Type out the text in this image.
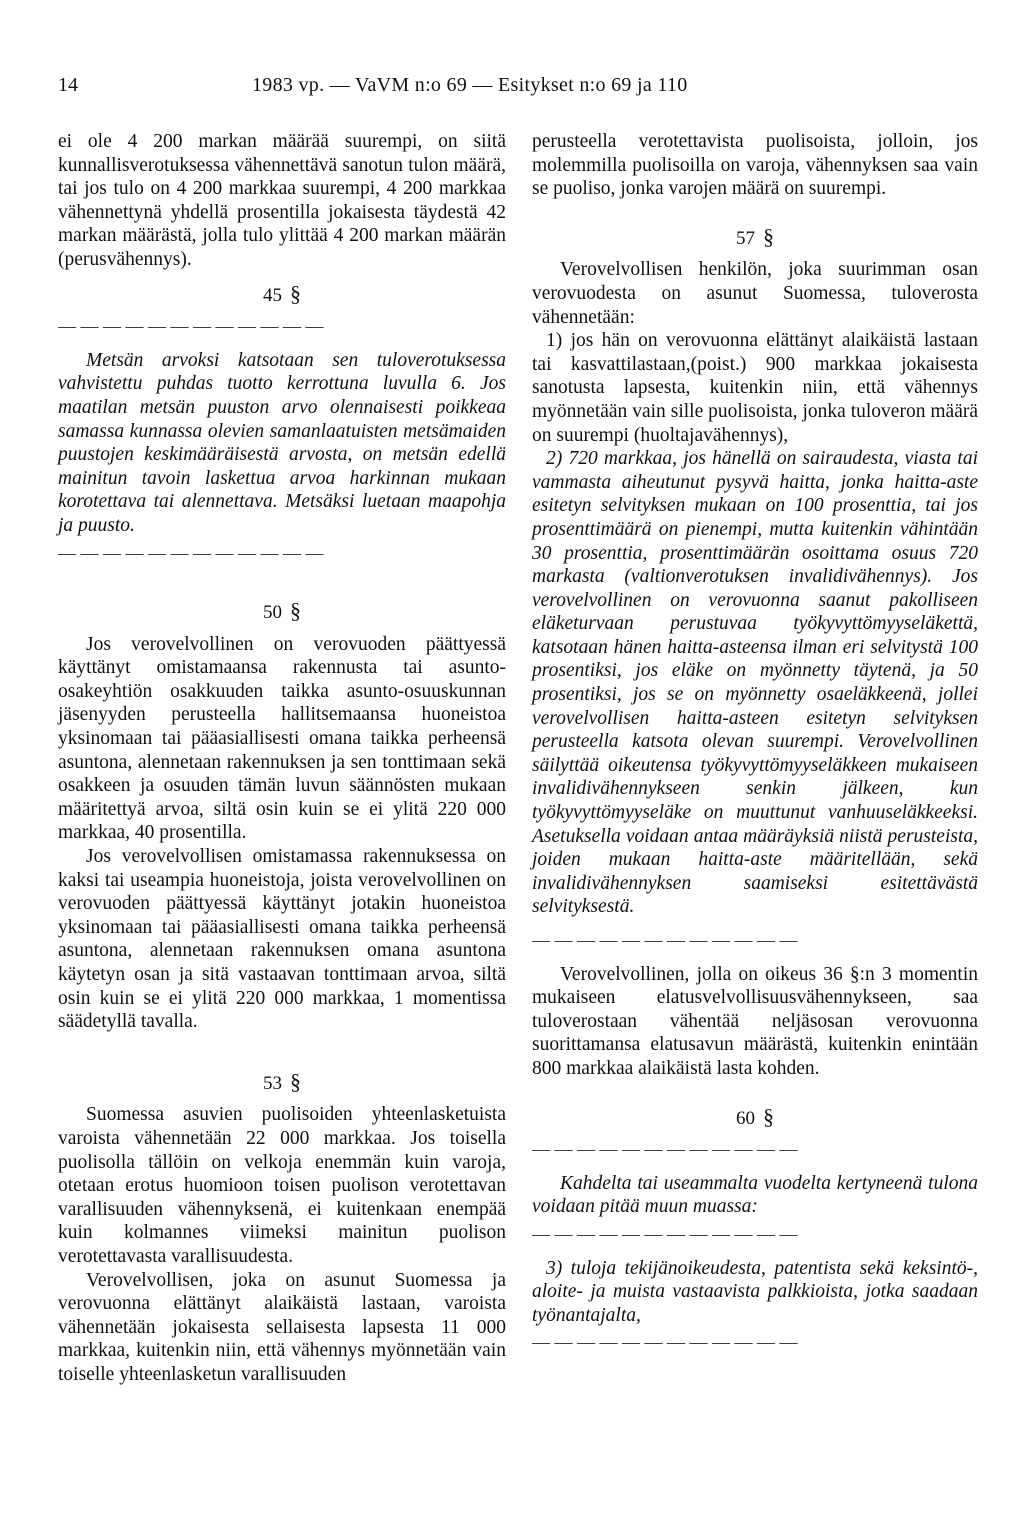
14	1983 vp. — VaVM n:o 69 — Esitykset n:o 69 ja 110

ei ole 4 200 markan määrää suurempi, on siitä kunnallisverotuksessa vähennettävä sanotun tulon määrä, tai jos tulo on 4 200 markkaa suurempi, 4 200 markkaa vähennettynä yhdellä prosentilla jokaisesta täydestä 42 markan määrästä, jolla tulo ylittää 4 200 markan määrän (perusvähennys).

45 §
— — — — — — — — — — — —

Metsän arvoksi katsotaan sen tuloverotuksessa vahvistettu puhdas tuotto kerrottuna luvulla 6. Jos maatilan metsän puuston arvo olennaisesti poikkeaa samassa kunnassa olevien samanlaatuisten metsämaiden puustojen keskimääräisestä arvosta, on metsän edellä mainitun tavoin laskettua arvoa harkinnan mukaan korotettava tai alennettava. Metsäksi luetaan maapohja ja puusto.

— — — — — — — — — — — —
50 §

Jos verovelvollinen on verovuoden päättyessä käyttänyt omistamaansa rakennusta tai asunto-osakeyhtiön osakkuuden taikka asunto-osuuskunnan jäsenyyden perusteella hallitsemaansa huoneistoa yksinomaan tai pääasiallisesti omana taikka perheensä asuntona, alennetaan rakennuksen ja sen tonttimaan sekä osakkeen ja osuuden tämän luvun säännösten mukaan määritettyä arvoa, siltä osin kuin se ei ylitä 220 000 markkaa, 40 prosentilla.

Jos verovelvollisen omistamassa rakennuksessa on kaksi tai useampia huoneistoja, joista verovelvollinen on verovuoden päättyessä käyttänyt jotakin huoneistoa yksinomaan tai pääasiallisesti omana taikka perheensä asuntona, alennetaan rakennuksen omana asuntona käytetyn osan ja sitä vastaavan tonttimaan arvoa, siltä osin kuin se ei ylitä 220 000 markkaa, 1 momentissa säädetyllä tavalla.

53 §

Suomessa asuvien puolisoiden yhteenlasketuista varoista vähennetään 22 000 markkaa. Jos toisella puolisolla tällöin on velkoja enemmän kuin varoja, otetaan erotus huomioon toisen puolison verotettavan varallisuuden vähennyksenä, ei kuitenkaan enempää kuin kolmannes viimeksi mainitun puolison verotettavasta varallisuudesta.

Verovelvollisen, joka on asunut Suomessa ja verovuonna elättänyt alaikäistä lastaan, varoista vähennetään jokaisesta sellaisesta lapsesta 11 000 markkaa, kuitenkin niin, että vähennys myönnetään vain toiselle yhteenlasketun varallisuuden

perusteella verotettavista puolisoista, jolloin, jos molemmilla puolisoilla on varoja, vähennyksen saa vain se puoliso, jonka varojen määrä on suurempi.

57 §

Verovelvollisen henkilön, joka suurimman osan verovuodesta on asunut Suomessa, tuloverosta vähennetään:

1) jos hän on verovuonna elättänyt alaikäistä lastaan tai kasvattilastaan,(poist.) 900 markkaa jokaisesta sanotusta lapsesta, kuitenkin niin, että vähennys myönnetään vain sille puolisoista, jonka tuloveron määrä on suurempi (huoltajavähennys),

2) 720 markkaa, jos hänellä on sairaudesta, viasta tai vammasta aiheutunut pysyvä haitta, jonka haitta-aste esitetyn selvityksen mukaan on 100 prosenttia, tai jos prosenttimäärä on pienempi, mutta kuitenkin vähintään 30 prosenttia, prosenttimäärän osoittama osuus 720 markasta (valtionverotuksen invalidivähennys). Jos verovelvollinen on verovuonna saanut pakolliseen eläketurvaan perustuvaa työkyvyttömyyseläkettä, katsotaan hänen haitta-asteensa ilman eri selvitystä 100 prosentiksi, jos eläke on myönnetty täytenä, ja 50 prosentiksi, jos se on myönnetty osaeläkkeenä, jollei verovelvollisen haitta-asteen esitetyn selvityksen perusteella katsota olevan suurempi. Verovelvollinen säilyttää oikeutensa työkyvyttömyyseläkkeen mukaiseen invalidivähennykseen senkin jälkeen, kun työkyvyttömyyseläke on muuttunut vanhuuseläkkeeksi. Asetuksella voidaan antaa määräyksiä niistä perusteista, joiden mukaan haitta-aste määritellään, sekä invalidivähennyksen saamiseksi esitettävästä selvityksestä.

— — — — — — — — — — — —

Verovelvollinen, jolla on oikeus 36 §:n 3 momentin mukaiseen elatusvelvollisuusvähennykseen, saa tuloverostaan vähentää neljäsosan verovuonna suorittamansa elatusavun määrästä, kuitenkin enintään 800 markkaa alaikäistä lasta kohden.

60 §
— — — — — — — — — — — —

Kahdelta tai useammalta vuodelta kertyneenä tulona voidaan pitää muun muassa:

— — — — — — — — — — — —

3) tuloja tekijänoikeudesta, patentista sekä keksintö-, aloite- ja muista vastaavista palkkioista, jotka saadaan työnantajalta,

— — — — — — — — — — — —
